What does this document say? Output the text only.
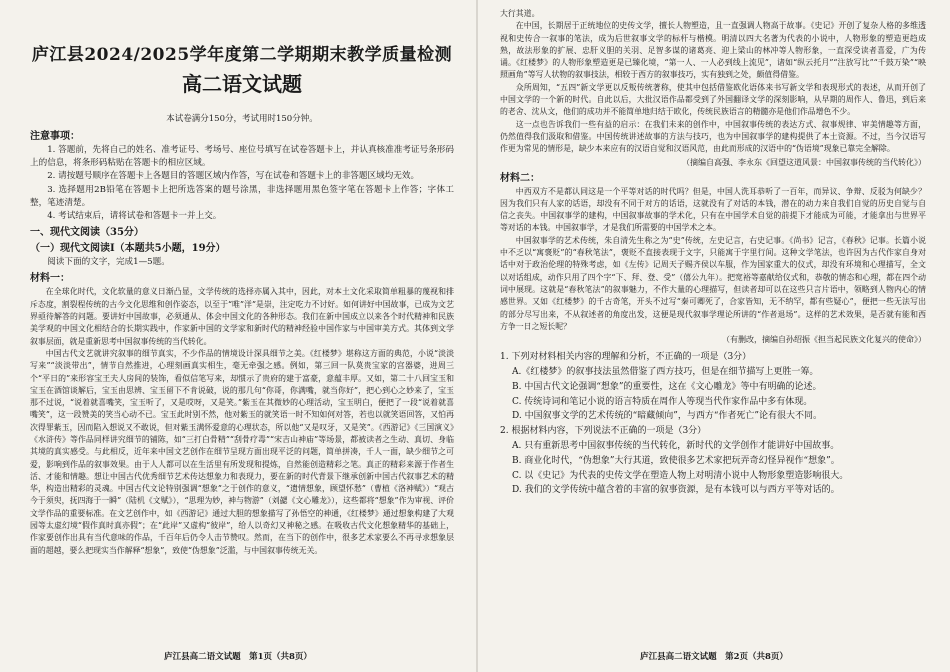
庐江县2024/2025学年度第二学期期末教学质量检测
高二语文试题
本试卷满分150分，考试用时150分钟。
注意事项：

1. 答题前，先将自己的姓名、准考证号、考场号、座位号填写在试卷答题卡上，并认真核准准考证号条形码上的信息，将条形码粘贴在答题卡的相应区域。

2. 请按题号顺序在答题卡上各题目的答题区域内作答，写在试卷和答题卡上的非答题区域均无效。

3. 选择题用2B铅笔在答题卡上把所选答案的题号涂黑，非选择题用黑色签字笔在答题卡上作答；字体工整，笔迹清楚。

4. 考试结束后，请将试卷和答题卡一并上交。

一、现代文阅读（35分）
（一）现代文阅读Ⅰ（本题共5小题，19分）

阅读下面的文字，完成1—5题。

材料一：

在全球化时代，文化软量的意义日渐凸显，文学传统的选择亦属入其中，因此，对本土文化采取简单粗暴的蔑视和排斥态度，割裂程传统的古今文化思维和创作姿态，以至于“唯”洋”是崇，注定吃力不讨好。如何讲好中国故事，已成为文艺界亟待解答的问题。要讲好中国故事，必须通从、体会中国文化的各种形态。我们在新中国成立以来各个时代精神和民族美学观的中国文化相结合的长期实践中，作家新中国的文学家和新时代的精神经验中国作家与中国审美方式。其体到文学叙事层面，就是重新思考中国叙事传统的当代转化。

中国古代文艺就讲究叙事的细节真实，不少作品的情境设计深具细节之美。《红楼梦》堪称这方面的典范，小说“淡淡写来”“淡淡带出”，情节自然推进，心理刻画真实相生，毫无牵强之感。例如，第三回一队莫贵宝家的宫器婆，进周三个“平日的”来形容宝王夫人房间的装饰，看似信笔写来，却惯示了贵府的建于富豪，意蕴丰厚。又如，第二十八回宝玉和宝玉在酒馆谈解后，宝玉由思辨、宝玉留下不肯说破，说的那几句“你哥，你满嘴，就当你好”，把心到心之妙来了，宝玉那不过说，“说着就喜嘴笑，宝玉听了，又是哎呀，又是笑。”紫玉在其微妙的心理活动，宝玉明白，便把了一段“说着就喜嘴笑”，这一段赞美的笑当心动不已。宝玉此时别不然，他对紫玉的就笑语一时不知如何对答，若也以就笑语回答，又怕再次得罪紫玉，因而陷入想说又不敢说，但对紫玉满怀爱意的心理状态，所以他“又是叹牙，又是笑”。《西游记》《三国演义》《水浒传》等作品同样讲究细节的铺陈，如“三打白骨精”“刮骨疗毒”“宋吉山神庙”等场景，都被读者之生动、真切、身临其境的真实感受。与此相反，近年来中国文艺创作在细节呈现方面出现平泛的问题，简单拼凑，千人一面，缺少细节之可爱，影响到作品的叙事效果。由于人人都可以在生活里有所发现和提炼，自然能创造精彩之笔。真正的精彩来源于作者生活、才能和情趣。想让中国古代优秀细节艺术传达想象力和表现力，要在新的时代背景下继承创新中国古代叙事艺术的精华，构造出精彩的灵魂。中国古代文论特别强调“想象”之于创作的意义，“遗情想象，顾望怀愁”（曹植《洛神赋》）“观古今于须臾，抚四海于一瞬”（陆机《文赋》），“思理为妙，神与物游”（刘勰《文心雕龙》），这些都将“想象”作为审视、评价文学作品的重要标准。在文艺创作中，如《西游记》通过大胆的想象描写了孙悟空的神通，《红楼梦》通过想象构建了大观园等太虚幻境“假作真时真亦假”；在“此岸”又虚构“彼岸”，给人以奇幻又神秘之感。在吸收古代文化想象精华的基础上，作家要创作出具有当代意味的作品，千百年后仍令人击节赞叹。然而，在当下的创作中，很多艺术家要么不再寻求想象层面的超越，要么把现实当作解释“想象”，致使“伪想象”泛滥，与中国叙事传统无关。

庐江县高二语文试题　第1页（共8页）

大行其道。

在中国，长期居于正统地位的史传文学，擅长人物塑造，且一直强调人物高于故事。《史记》开创了复杂人格的多维透视和史传合一叙事的笔法，成为后世叙事文学的标杆与楷模。明清以四大名著为代表的小说中，人物形象的塑造更趋成熟，故法形象的扩展、忠肝义胆的关羽、足智多谋的诸葛亮、迎上梁山的林冲等人物形象，一直深受读者喜爱，广为传诵。《红楼梦》的人物形象塑造更是已臻化境，“第一人、一人必到线上流见”，诸如“纵云托月”“注放写比”“千鼓万染”“映照画角”等写人状物的叙事技法，相较于西方的叙事技巧，实有独到之处，颇值得借鉴。

众所周知，“五四”新文学更以反叛传统著称，使其中包括借鉴欧化语体来书写新文学和表现形式的表述，从而开创了中国文学的一个新的时代。自此以后，大批汉语作品都受到了外国翻译文学的深刻影响，从早期的周作人、鲁迅，到后来的老舍、沈从文，他们的成功并不能简单地归结于欧化，传统民族语言的精髓亦是他们作品增色不少。

这一点也告诉我们一些有益的启示：在我们未来的创作中，中国叙事传统的表达方式、叙事规律、审美情趣等方面，仍然值得我们汲取和借鉴。中国传统讲述故事的方法与技巧，也为中国叙事学的建构提供了本土资源。不过，当今汉语写作更为常见的情形是，缺少本来应有的汉语自觉和汉语风范，由此而形成的汉语中的“伪语境”现象已靠完全解除。

（摘编自高强、李永东《回望这道风景：中国叙事传统的当代转化》）

材料二：

中西双方不是都认同这是一个平等对话的时代吗？但是，中国人洗耳恭听了一百年，而异议、争辩、反驳为何缺少？因为我们只有人家的话语，却没有不同于对方的话语，这就没有了对话的本钱，潜在的动力来自我们自觉的历史自觉与自信之丧失。中国叙事学的建构，中国叙事故事的学术化，只有在中国学术自觉的前提下才能成为可能，才能拿出与世界平等对话的本钱。中国叙事学，才是我们所需要的中国学术之本。

中国叙事学的艺术传统，朱自清先生称之为“史”传统，左史记言，右史记事。《尚书》记言，《春秋》记事。长篇小说中不乏以“寓褒贬”的“春秋笔法”，褒贬不直接表现于文字，只能寓于字里行间。这种文学笔法，也许因为古代作家自身对话中对于政治伦理的特殊考虑，如《左传》记周天子赐齐侯以车服，作为国家重大的仪式，却没有环境和心理描写，全文以对话组成，动作只用了四个字“下、拜、登、受”（僖公九年）。把宽裕等嘉献给仪式和，恭敬的情态和心理，都在四个动词中展现。这就是“春秋笔法”的叙事魅力，不作大量的心理描写，但读者却可以在这些只言片语中，领略到人物内心的情感世界。又如《红楼梦》的千古奇笔，开头不过写“秦可卿死了，合家皆知，无不纳罕，都有些疑心”，便把一些无法写出的部分尽写出来，不从叙述者的角度出发，这便是现代叙事学理论所讲的“作者退场”。这样的艺术效果，是否就有能和西方争一日之短长呢？

（有删改，摘编自孙绍振《担当起民族文化复兴的使命》）

1. 下列对材料相关内容的理解和分析，不正确的一项是（3分）

A.《红楼梦》的叙事技法虽然借鉴了西方技巧，但是在细节描写上更胜一筹。

B. 中国古代文论强调“想象”的重要性，这在《文心雕龙》等中有明确的论述。

C. 传统诗词和笔记小说的语言特质在周作人等现当代作家作品中多有体现。

D. 中国叙事文学的艺术传统的“暗藏倾向”，与西方“作者死亡”论有很大不同。

2. 根据材料内容，下列说法不正确的一项是（3分）

A. 只有重新思考中国叙事传统的当代转化，新时代的文学创作才能讲好中国故事。

B. 商业化时代，“伪想象”大行其道，致使很多艺术家把玩弄奇幻怪异视作“想象”。

C. 以《史记》为代表的史传文学在塑造人物上对明清小说中人物形象塑造影响很大。

D. 我们的文学传统中蕴含着的丰富的叙事资源，是有本钱可以与西方平等对话的。

庐江县高二语文试题　第2页（共8页）
